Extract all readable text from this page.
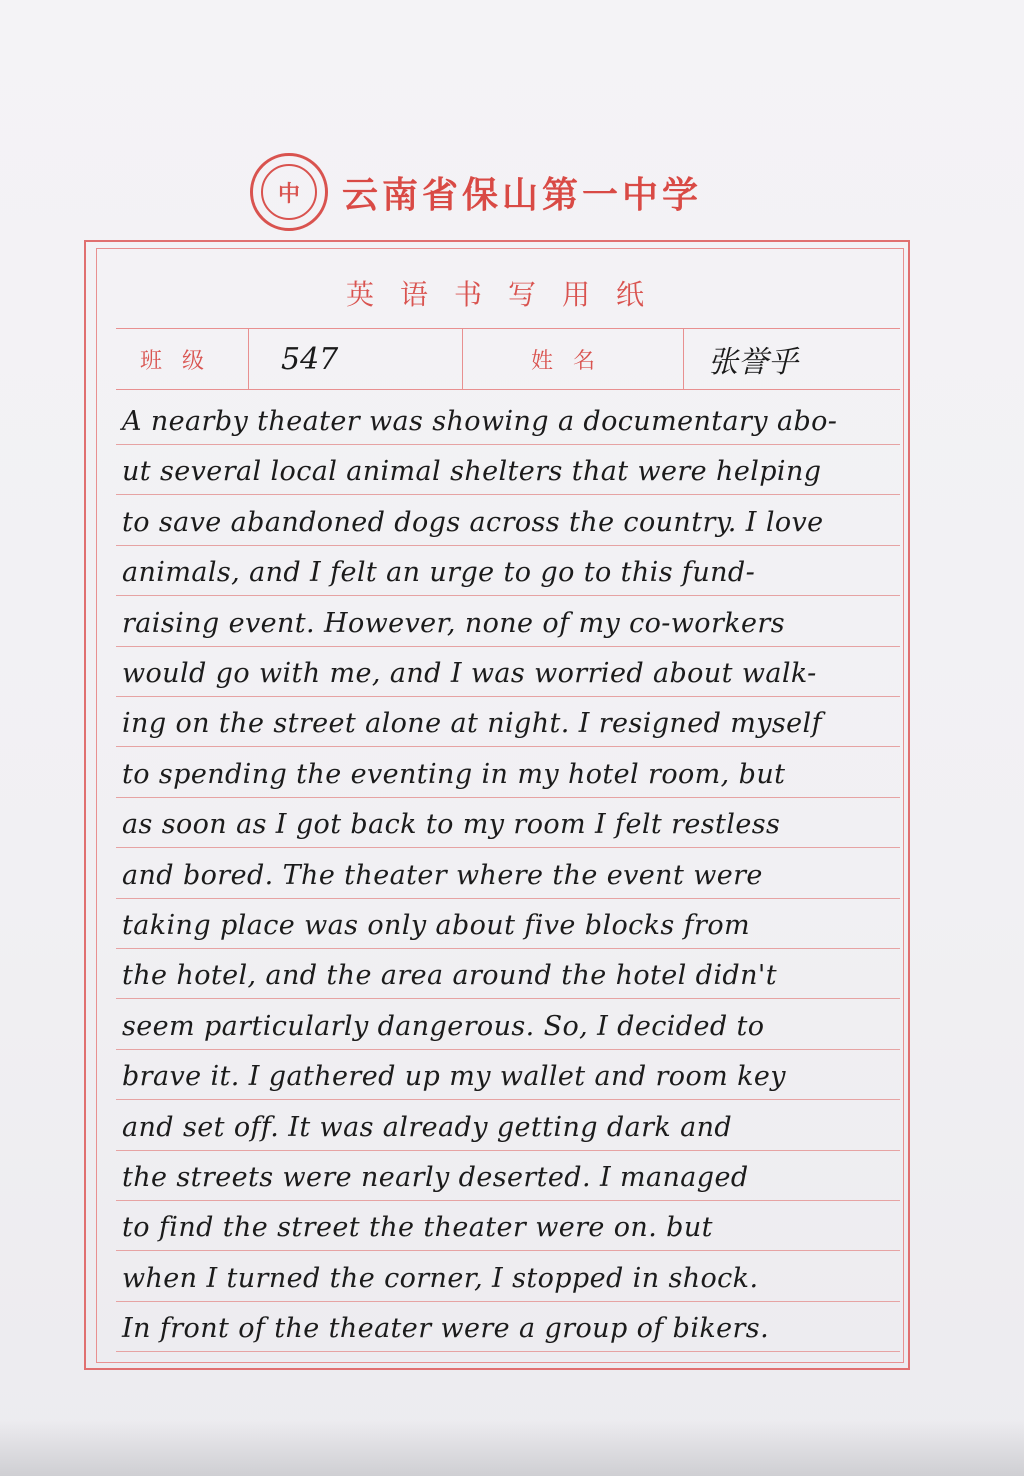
中	云南省保山第一中学
英语书写用纸
班级	547	姓名	张誉乎
A nearby theater was showing a documentary abo-
ut several local animal shelters that were helping
to save abandoned dogs across the country. I love
animals, and I felt an urge to go to this fund-
raising event. However, none of my co-workers
would go with me, and I was worried about walk-
ing on the street alone at night. I resigned myself
to spending the eventing in my hotel room, but
as soon as I got back to my room I felt restless
and bored. The theater where the event were
taking place was only about five blocks from
the hotel, and the area around the hotel didn't
seem particularly dangerous. So, I decided to
brave it. I gathered up my wallet and room key
and set off. It was already getting dark and
the streets were nearly deserted. I managed
to find the street the theater were on. but
when I turned the corner, I stopped in shock.
In front of the theater were a group of bikers.
